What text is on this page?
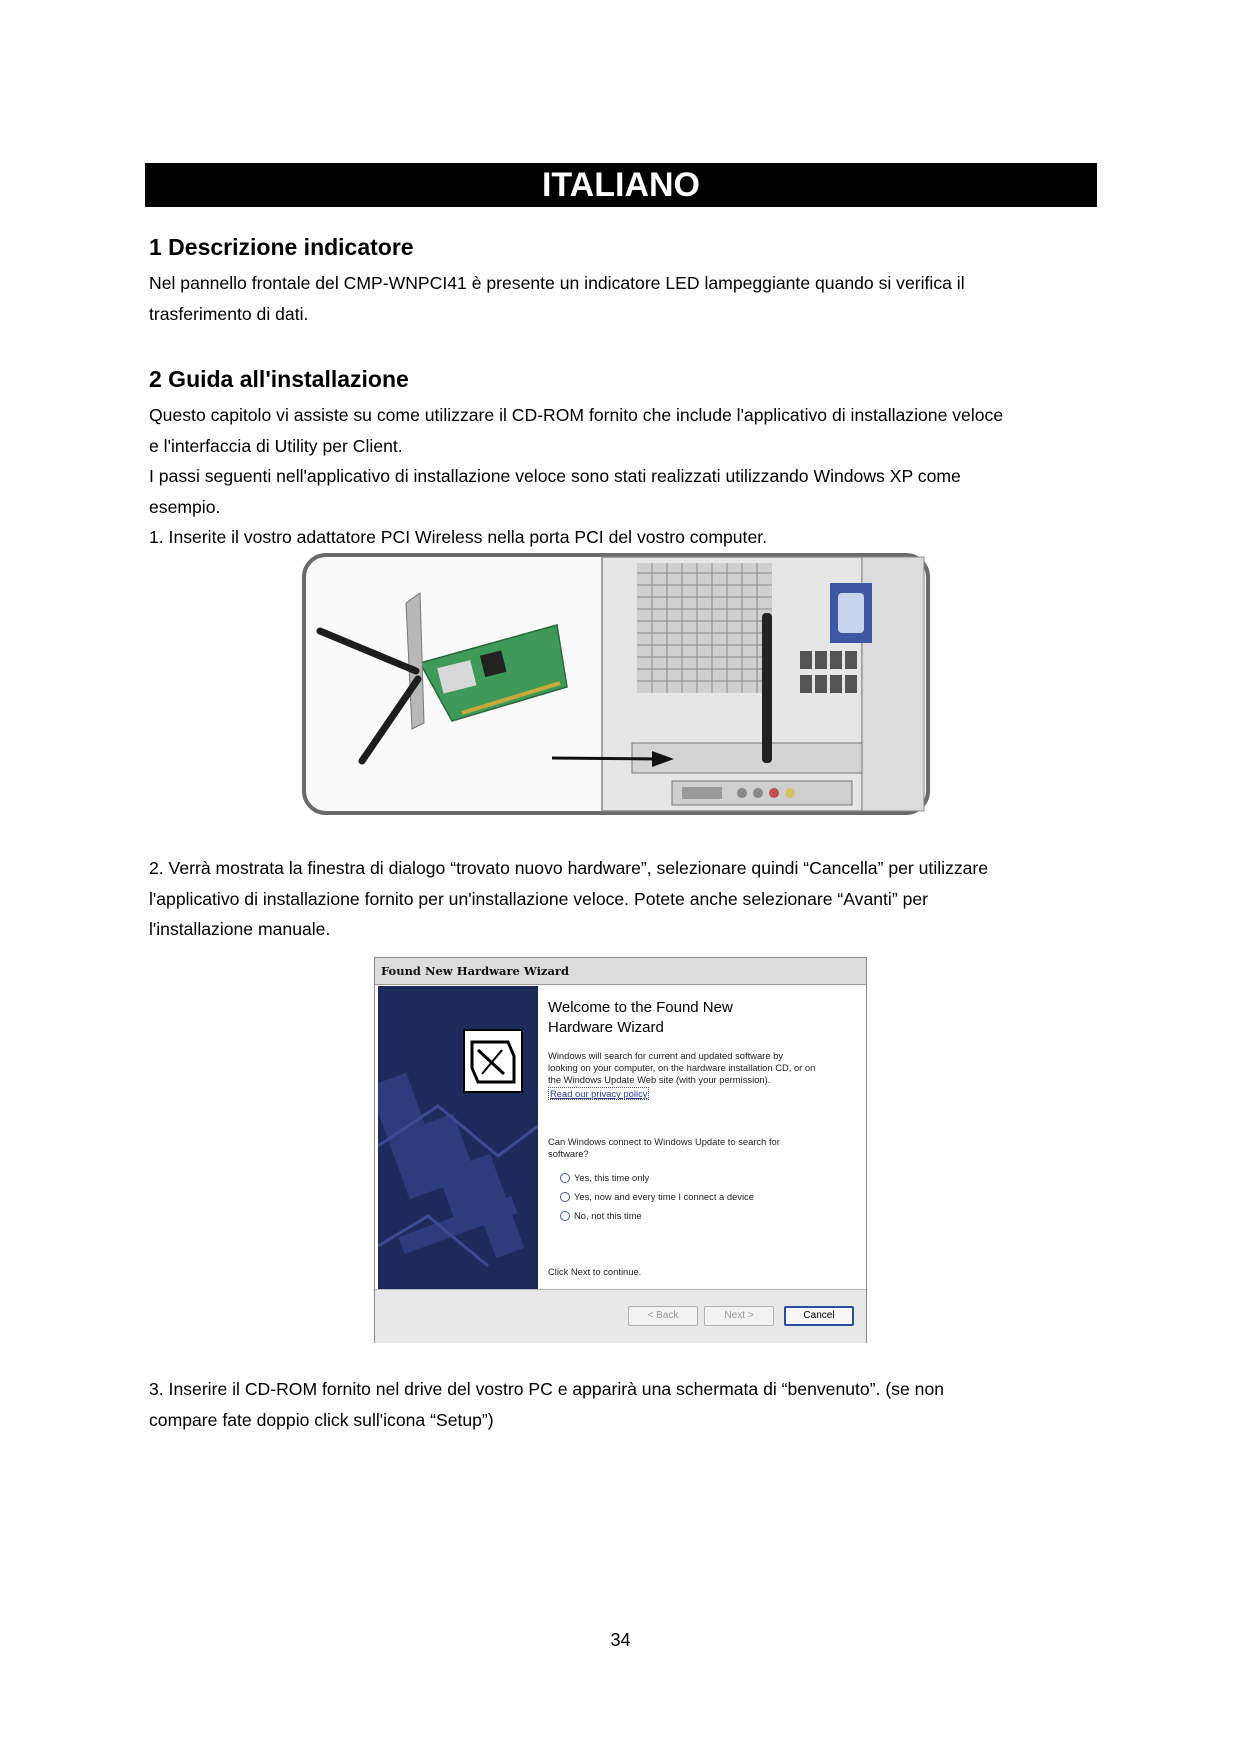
ITALIANO
1 Descrizione indicatore
Nel pannello frontale del CMP-WNPCI41 è presente un indicatore LED lampeggiante quando si verifica il
trasferimento di dati.
2 Guida all'installazione
Questo capitolo vi assiste su come utilizzare il CD-ROM fornito che include l'applicativo di installazione veloce
e l'interfaccia di Utility per Client.
I passi seguenti nell'applicativo di installazione veloce sono stati realizzati utilizzando Windows XP come
esempio.
1. Inserite il vostro adattatore PCI Wireless nella porta PCI del vostro computer.
2. Verrà mostrata la finestra di dialogo “trovato nuovo hardware”, selezionare quindi “Cancella” per utilizzare
l'applicativo di installazione fornito per un'installazione veloce. Potete anche selezionare “Avanti” per
l'installazione manuale.
Found New Hardware Wizard
Welcome to the Found New
Hardware Wizard
Windows will search for current and updated software by
looking on your computer, on the hardware installation CD, or on
the Windows Update Web site (with your permission).
Read our privacy policy
Can Windows connect to Windows Update to search for
software?
Yes, this time only
Yes, now and every time I connect a device
No, not this time
Click Next to continue.
< Back	Next >	Cancel
3. Inserire il CD-ROM fornito nel drive del vostro PC e apparirà una schermata di “benvenuto”. (se non
compare fate doppio click sull'icona “Setup”)
34
